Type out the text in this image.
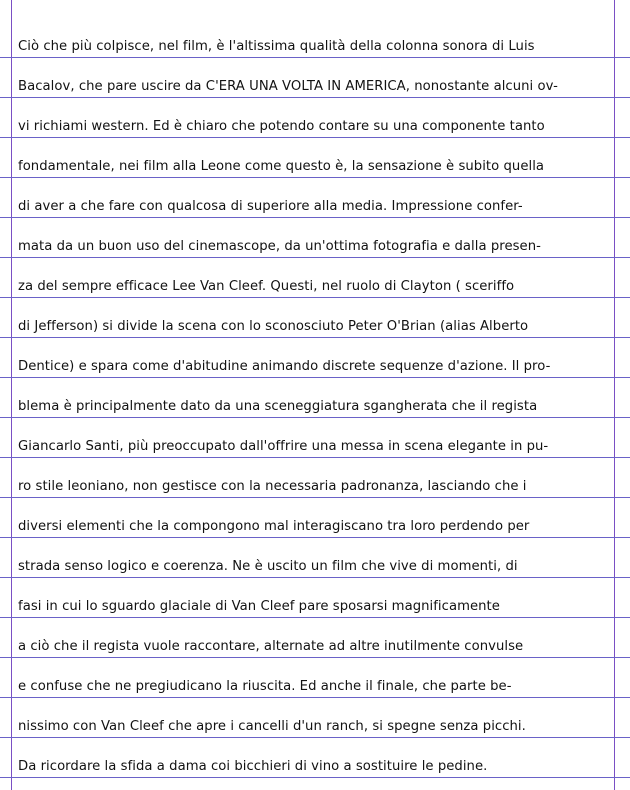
Ciò che più colpisce, nel film, è l'altissima qualità della colonna sonora di Luis
Bacalov, che pare uscire da C'ERA UNA VOLTA IN AMERICA, nonostante alcuni ov-
vi richiami western. Ed è chiaro che potendo contare su una componente tanto
fondamentale, nei film alla Leone come questo è, la sensazione è subito quella
di aver a che fare con qualcosa di superiore alla media. Impressione confer-
mata da un buon uso del cinemascope, da un'ottima fotografia e dalla presen-
za del sempre efficace Lee Van Cleef. Questi, nel ruolo di Clayton ( sceriffo
di Jefferson) si divide la scena con lo sconosciuto Peter O'Brian (alias Alberto
Dentice) e spara come d'abitudine animando discrete sequenze d'azione. Il pro-
blema è principalmente dato da una sceneggiatura sgangherata che il regista
Giancarlo Santi, più preoccupato dall'offrire una messa in scena elegante in pu-
ro stile leoniano, non gestisce con la necessaria padronanza, lasciando che i
diversi elementi che la compongono mal interagiscano tra loro perdendo per
strada senso logico e coerenza. Ne è uscito un film che vive di momenti, di
fasi in cui lo sguardo glaciale di Van Cleef pare sposarsi magnificamente
a ciò che il regista vuole raccontare, alternate ad altre inutilmente convulse
e confuse che ne pregiudicano la riuscita. Ed anche il finale, che parte be-
nissimo con Van Cleef che apre i cancelli d'un ranch, si spegne senza picchi.
Da ricordare la sfida a dama coi bicchieri di vino a sostituire le pedine.
